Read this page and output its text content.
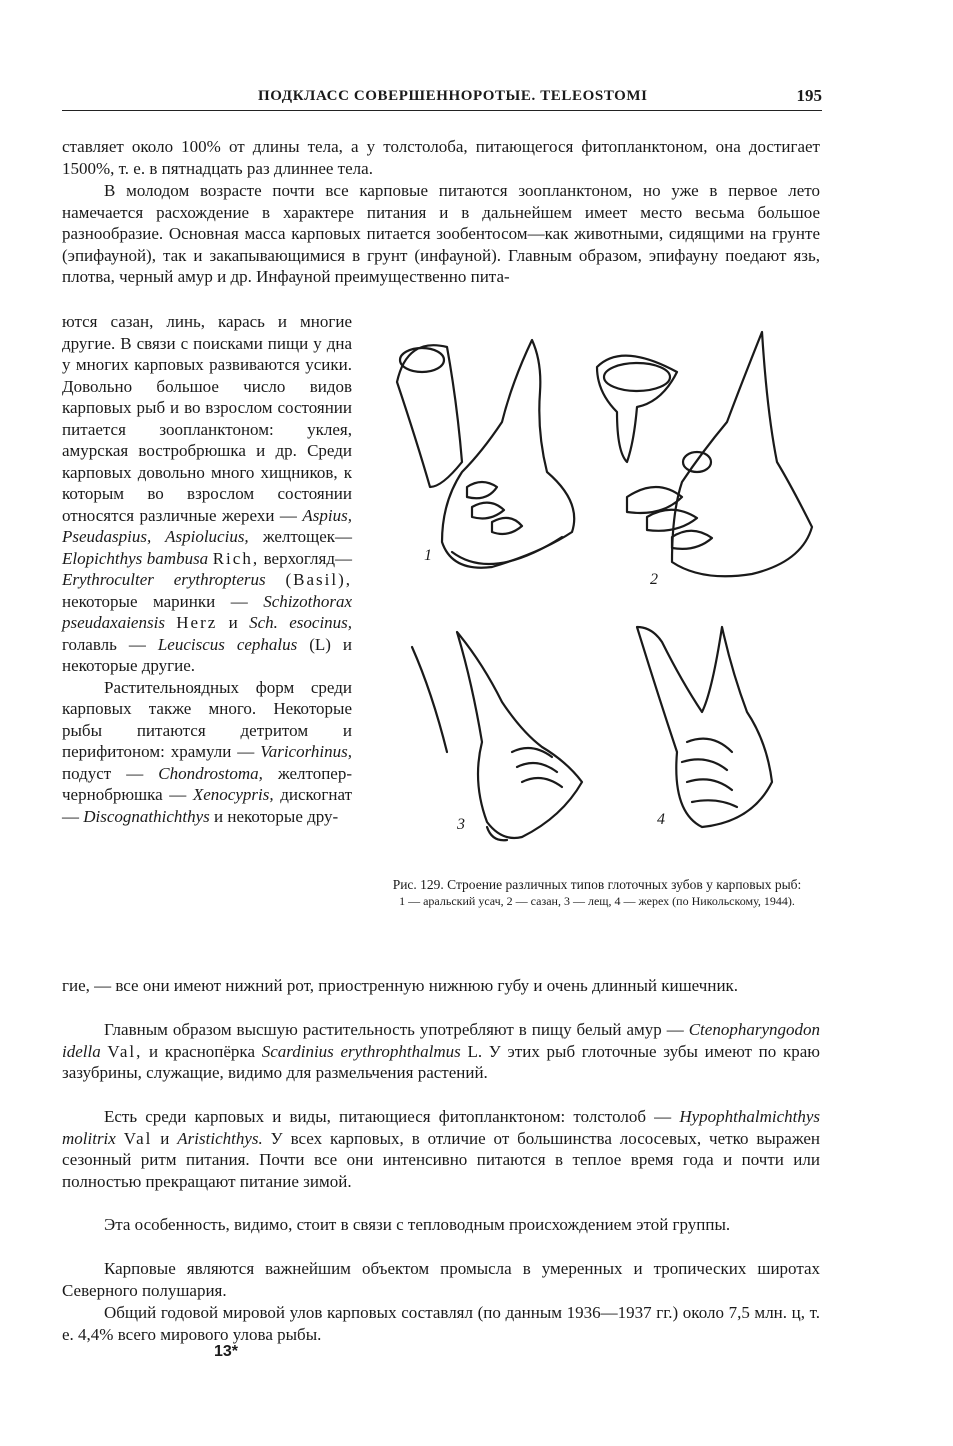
ПОДКЛАСС СОВЕРШЕННОРОТЫЕ. TELEOSTOMI	195
ставляет около 100% от длины тела, а у толстолоба, питающегося фитопланктоном, она достигает 1500%, т. е. в пятнадцать раз длиннее тела.
В молодом возрасте почти все карповые питаются зоопланктоном, но уже в первое лето намечается расхождение в характере питания и в дальнейшем имеет место весьма большое разнообразие. Основная масса карповых питается зообентосом—как животными, сидящими на грунте (эпифауной), так и закапывающимися в грунт (инфауной). Главным образом, эпифауну поедают язь, плотва, черный амур и др. Инфауной преимущественно пита-

ются сазан, линь, карась и многие другие. В связи с поисками пищи у дна у многих карповых развиваются усики. Довольно большое число видов карповых рыб и во взрослом состоянии питается зоопланктоном: уклея, амурская востробрюшка и др. Среди карповых довольно много хищников, к которым во взрослом состоянии относятся различные жерехи — Aspius, Pseudaspius, Aspiolucius, желтощек—Elopichthys bambusa Rich, верхогляд—Erythroculter erythropterus (Basil), некоторые маринки — Schizothorax pseudaxaiensis Herz и Sch. esocinus, голавль — Leuciscus cephalus (L) и некоторые другие.

Растительноядных форм среди карповых также много. Некоторые рыбы питаются детритом и перифитоном: храмули — Varicorhinus, подуст — Chondrostoma, желтопер-чернобрюшка — Xenocypris, дискогнат — Discognathichthys и некоторые дру-

1
2
3	4
Рис. 129. Строение различных типов глоточных зубов у карповых рыб:
1 — аральский усач, 2 — сазан, 3 — лещ, 4 — жерех (по Никольскому, 1944).
гие, — все они имеют нижний рот, приостренную нижнюю губу и очень длинный кишечник.
Главным образом высшую растительность употребляют в пищу белый амур — Ctenopharyngodon idella Val, и краснопёрка Scardinius erythrophthalmus L. У этих рыб глоточные зубы имеют по краю зазубрины, служащие, видимо для размельчения растений.
Есть среди карповых и виды, питающиеся фитопланктоном: толстолоб — Hypophthalmichthys molitrix Val и Aristichthys. У всех карповых, в отличие от большинства лососевых, четко выражен сезонный ритм питания. Почти все они интенсивно питаются в теплое время года и почти или полностью прекращают питание зимой.
Эта особенность, видимо, стоит в связи с тепловодным происхождением этой группы.
Карповые являются важнейшим объектом промысла в умеренных и тропических широтах Северного полушария.
Общий годовой мировой улов карповых составлял (по данным 1936—1937 гг.) около 7,5 млн. ц, т. е. 4,4% всего мирового улова рыбы.
13*
